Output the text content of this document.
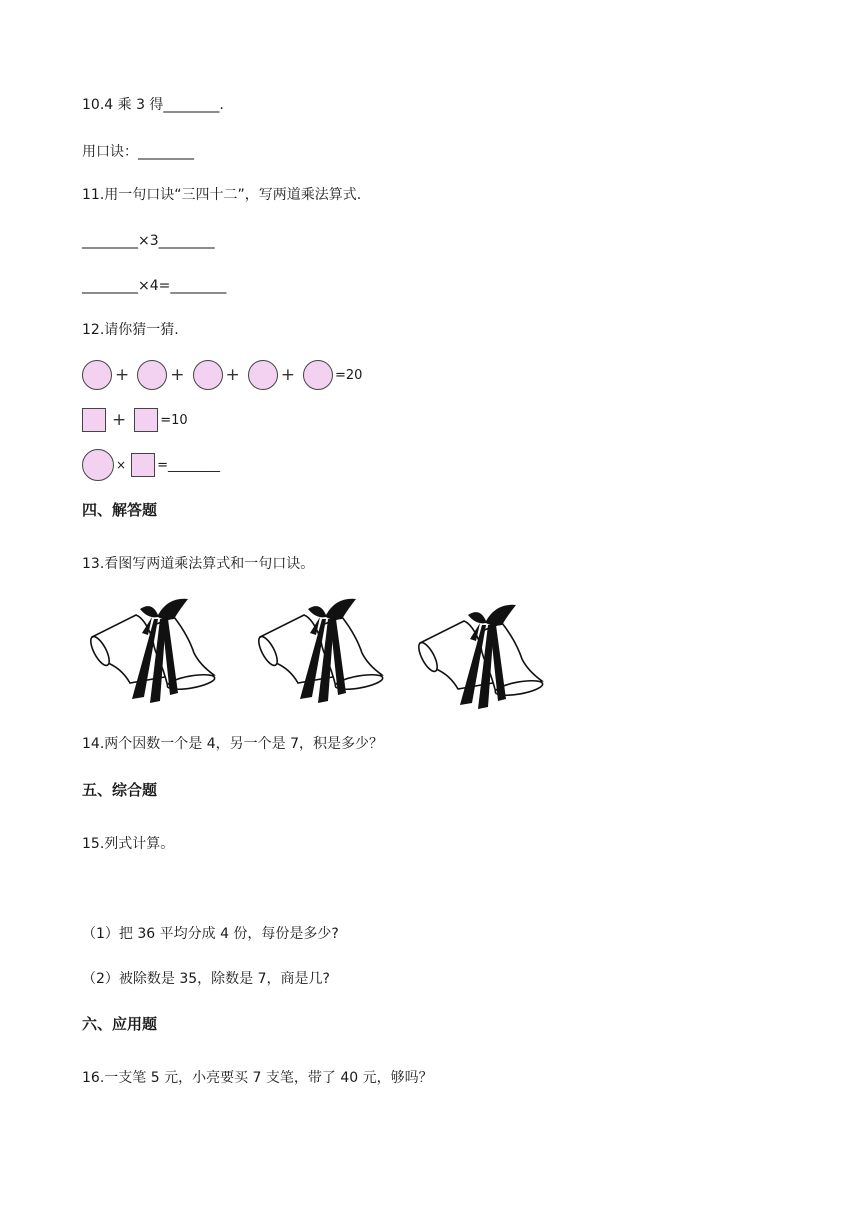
10.4 乘 3 得________.
用口诀：________
11.用一句口诀“三四十二”，写两道乘法算式.
________×3________
________×4=________
12.请你猜一猜.
+ + + +	=20
+	=10
× =________
四、解答题
13.看图写两道乘法算式和一句口诀。
14.两个因数一个是 4，另一个是 7，积是多少？
五、综合题
15.列式计算。
（1）把 36 平均分成 4 份，每份是多少?
（2）被除数是 35，除数是 7，商是几?
六、应用题
16.一支笔 5 元，小亮要买 7 支笔，带了 40 元，够吗？
